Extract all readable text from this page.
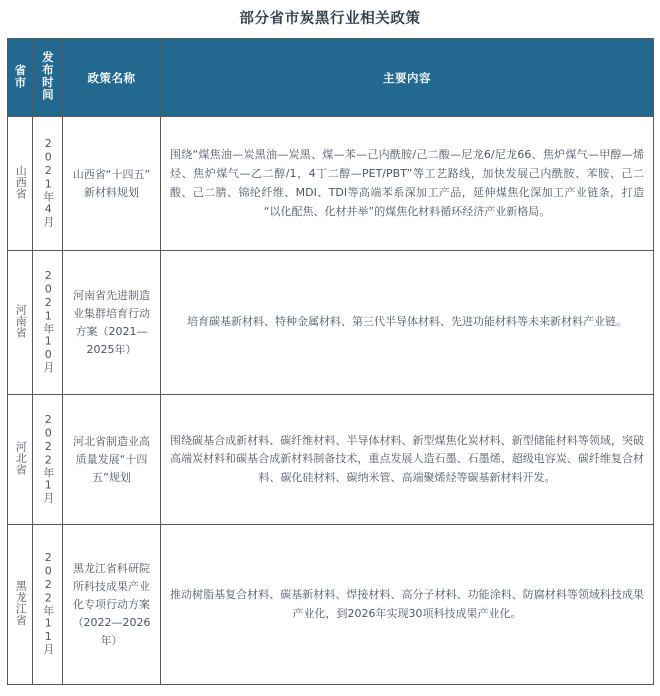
部分省市炭黑行业相关政策
省市	发布时间	政策名称	主要内容
山西省	2021年4月	山西省“十四五”新材料规划	围绕“煤焦油—炭黑油—炭黑、煤—苯—己内酰胺/己二酸—尼龙6/尼龙66、焦炉煤气—甲醇—烯烃、焦炉煤气—乙二醇/1，4丁二醇—PET/PBT”等工艺路线，加快发展己内酰胺、苯胺、己二酸、己二腈、锦纶纤维、MDI、TDI等高端苯系深加工产品，延伸煤焦化深加工产业链条，打造“以化配焦、化材并举”的煤焦化材料循环经济产业新格局。
河南省	2021年10月	河南省先进制造业集群培育行动方案（2021—2025年）	培育碳基新材料、特种金属材料、第三代半导体材料、先进功能材料等未来新材料产业链。
河北省	2022年1月	河北省制造业高质量发展“十四五”规划	围绕碳基合成新材料、碳纤维材料、半导体材料、新型煤焦化炭材料、新型储能材料等领域，突破高端炭材料和碳基合成新材料制备技术，重点发展人造石墨、石墨烯、超级电容炭、碳纤维复合材料、碳化硅材料、碳纳米管、高端聚烯烃等碳基新材料开发。
黑龙江省	2022年11月	黑龙江省科研院所科技成果产业化专项行动方案（2022—2026年）	推动树脂基复合材料、碳基新材料、焊接材料、高分子材料、功能涂料、防腐材料等领域科技成果产业化，到2026年实现30项科技成果产业化。
